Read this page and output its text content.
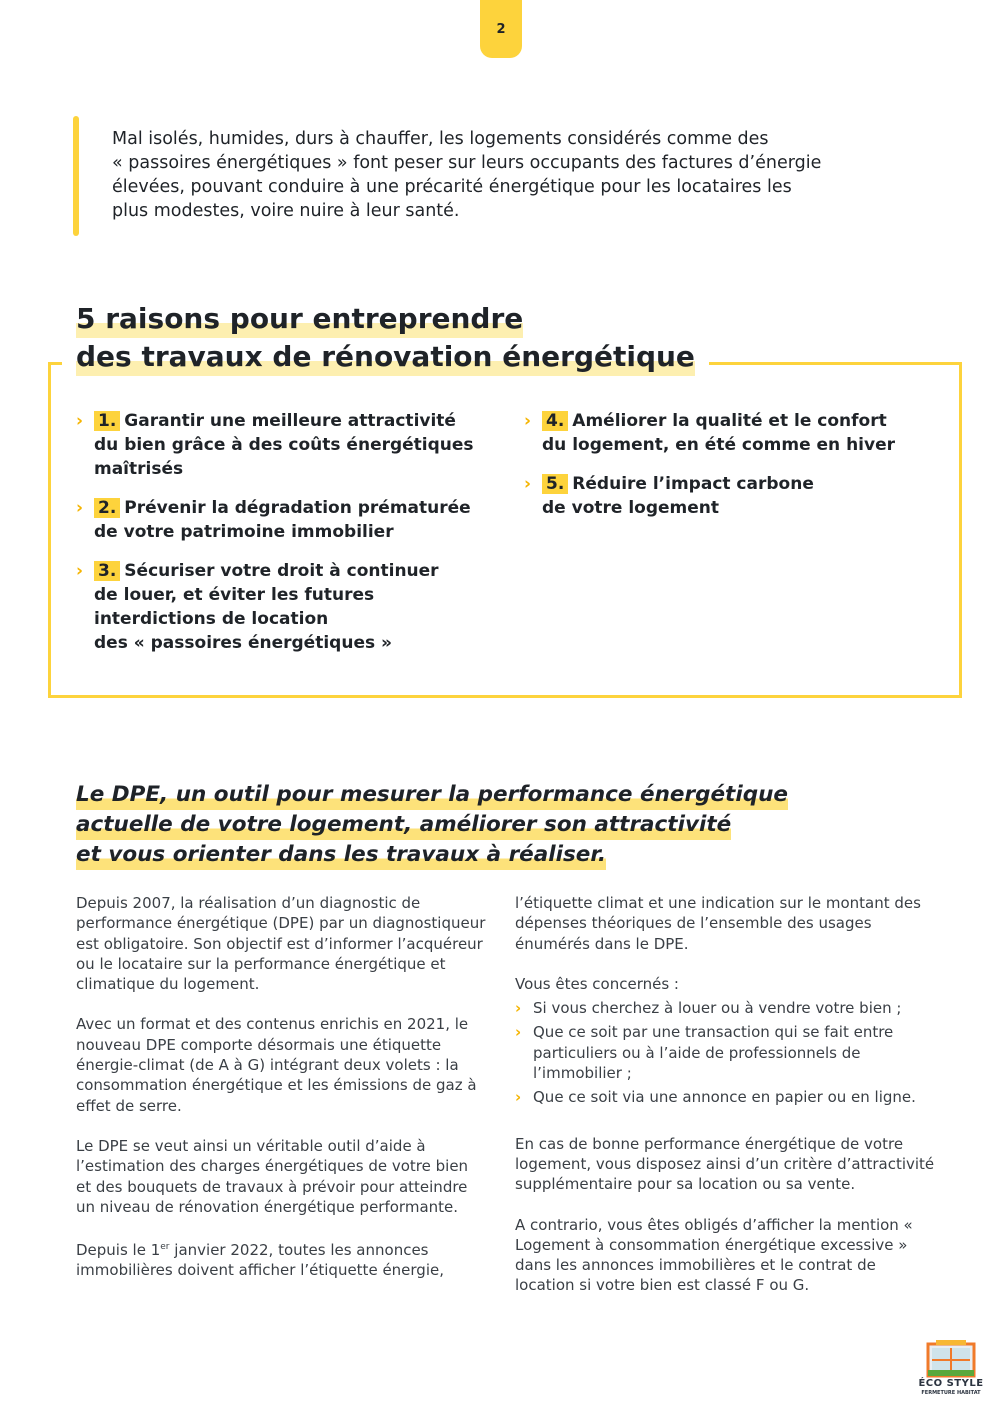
2
Mal isolés, humides, durs à chauffer, les logements considérés comme des
« passoires énergétiques » font peser sur leurs occupants des factures d’énergie
élevées, pouvant conduire à une précarité énergétique pour les locataires les
plus modestes, voire nuire à leur santé.
5 raisons pour entreprendre
des travaux de rénovation énergétique
› 1. Garantir une meilleure attractivité
du bien grâce à des coûts énergétiques
maîtrisés
› 2. Prévenir la dégradation prématurée
de votre patrimoine immobilier
› 3. Sécuriser votre droit à continuer
de louer, et éviter les futures
interdictions de location
des « passoires énergétiques »
› 4. Améliorer la qualité et le confort
du logement, en été comme en hiver
› 5. Réduire l’impact carbone
de votre logement
Le DPE, un outil pour mesurer la performance énergétique
actuelle de votre logement, améliorer son attractivité
et vous orienter dans les travaux à réaliser.

Depuis 2007, la réalisation d’un diagnostic de performance énergétique (DPE) par un diagnostiqueur est obligatoire. Son objectif est d’informer l’acquéreur ou le locataire sur la performance énergétique et climatique du logement.

Avec un format et des contenus enrichis en 2021, le nouveau DPE comporte désormais une étiquette énergie-climat (de A à G) intégrant deux volets : la consommation énergétique et les émissions de gaz à effet de serre.

Le DPE se veut ainsi un véritable outil d’aide à l’estimation des charges énergétiques de votre bien et des bouquets de travaux à prévoir pour atteindre un niveau de rénovation énergétique performante.

Depuis le 1er janvier 2022, toutes les annonces immobilières doivent afficher l’étiquette énergie,

l’étiquette climat et une indication sur le montant des dépenses théoriques de l’ensemble des usages énumérés dans le DPE.

Vous êtes concernés :

› Si vous cherchez à louer ou à vendre votre bien ;
› Que ce soit par une transaction qui se fait entre particuliers ou à l’aide de professionnels de l’immobilier ;
› Que ce soit via une annonce en papier ou en ligne.

En cas de bonne performance énergétique de votre logement, vous disposez ainsi d’un critère d’attractivité supplémentaire pour sa location ou sa vente.

A contrario, vous êtes obligés d’afficher la mention « Logement à consommation énergétique excessive » dans les annonces immobilières et le contrat de location si votre bien est classé F ou G.

ÉCO STYLE
FERMETURE HABITAT
